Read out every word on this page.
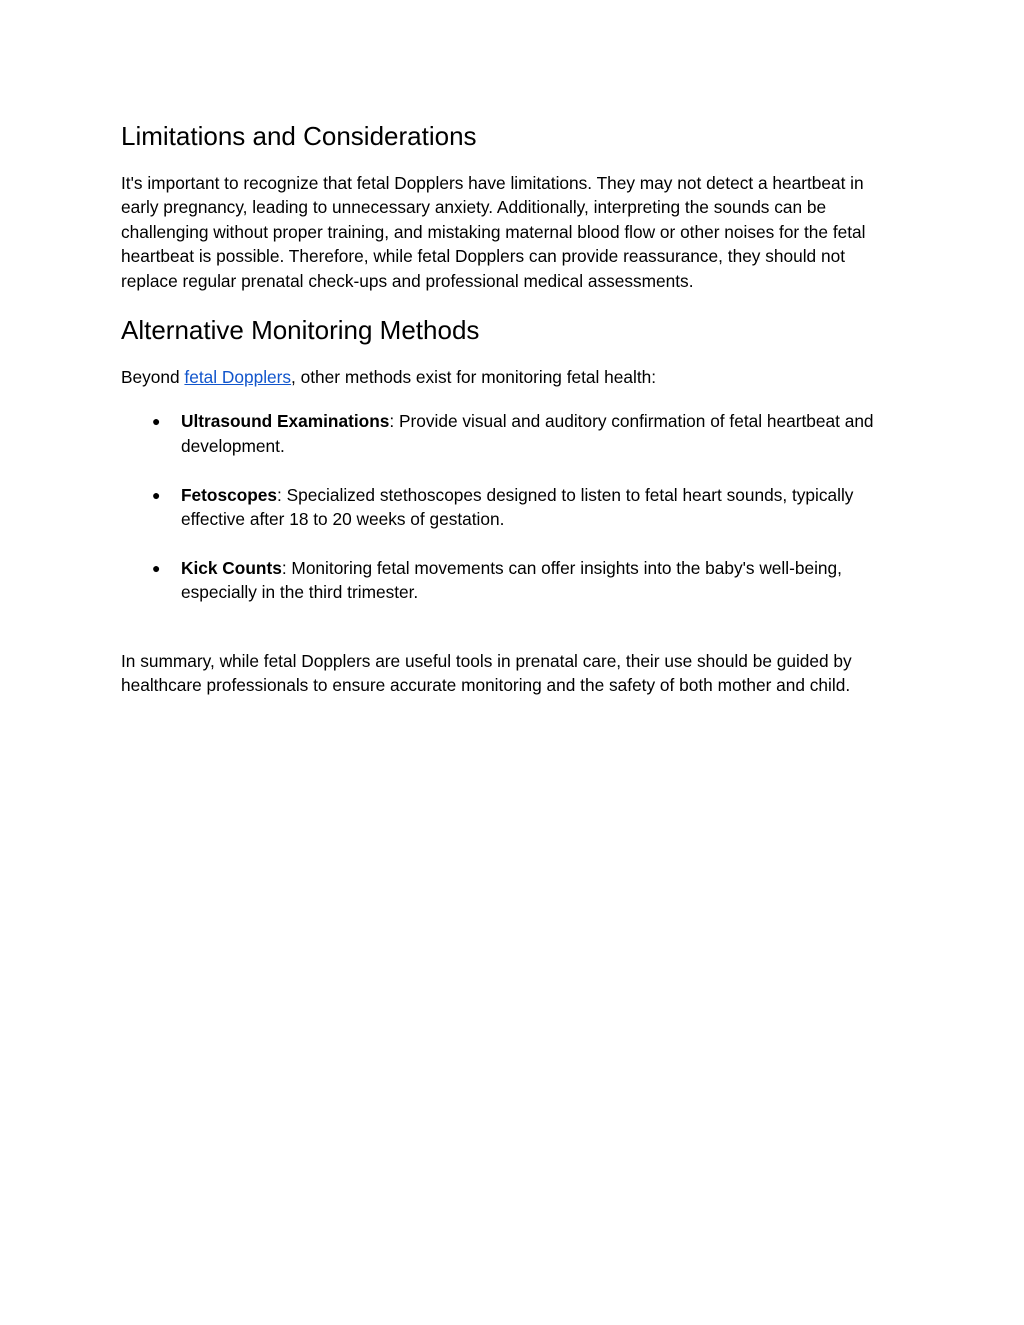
Limitations and Considerations

It's important to recognize that fetal Dopplers have limitations. They may not detect a heartbeat in early pregnancy, leading to unnecessary anxiety. Additionally, interpreting the sounds can be challenging without proper training, and mistaking maternal blood flow or other noises for the fetal heartbeat is possible. Therefore, while fetal Dopplers can provide reassurance, they should not replace regular prenatal check-ups and professional medical assessments.

Alternative Monitoring Methods

Beyond fetal Dopplers, other methods exist for monitoring fetal health:

● Ultrasound Examinations: Provide visual and auditory confirmation of fetal heartbeat and development.
● Fetoscopes: Specialized stethoscopes designed to listen to fetal heart sounds, typically effective after 18 to 20 weeks of gestation.
● Kick Counts: Monitoring fetal movements can offer insights into the baby's well-being, especially in the third trimester.

In summary, while fetal Dopplers are useful tools in prenatal care, their use should be guided by healthcare professionals to ensure accurate monitoring and the safety of both mother and child.
